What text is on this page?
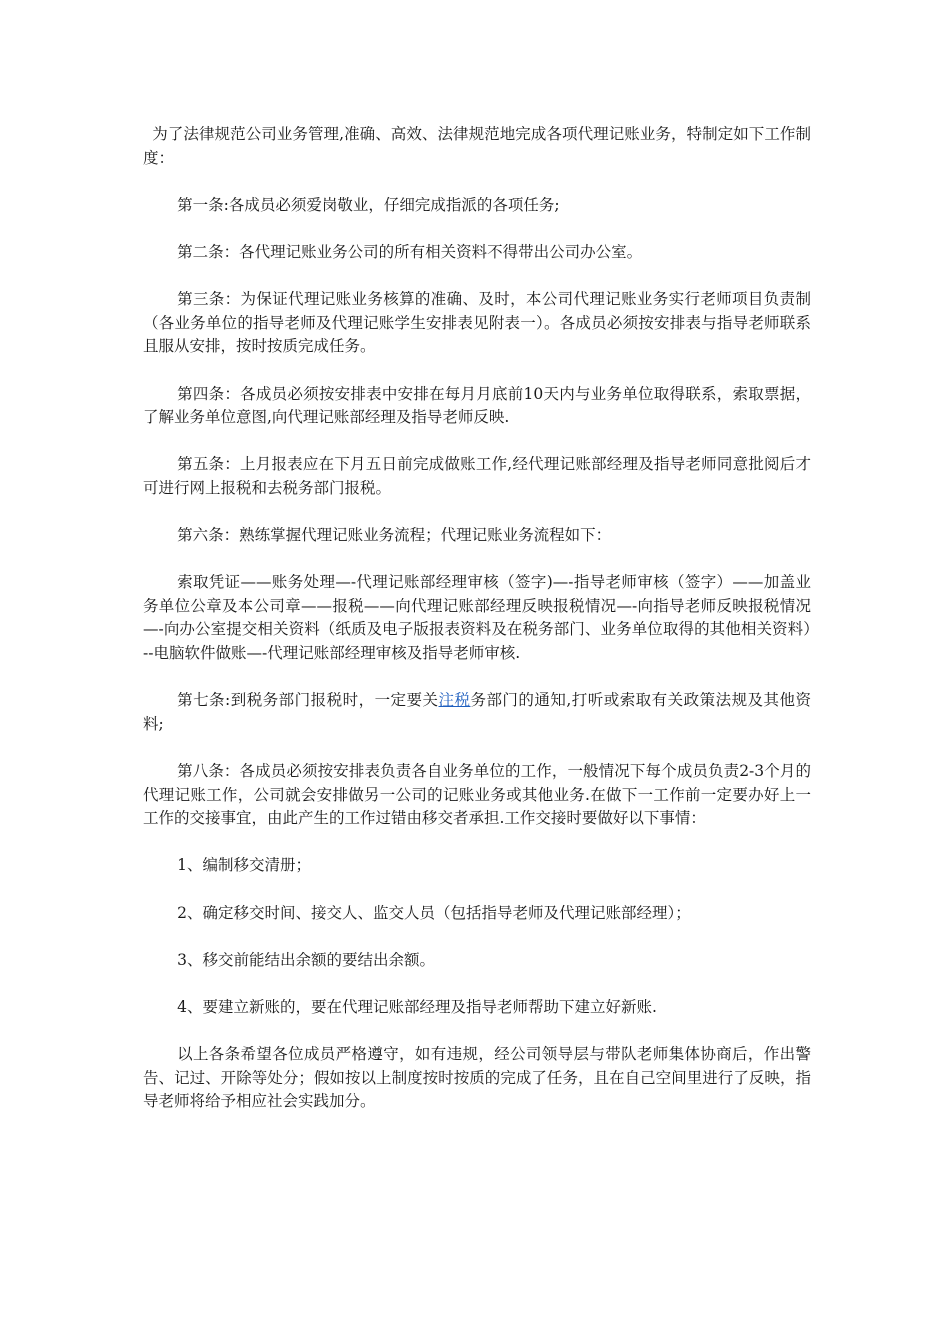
为了法律规范公司业务管理,准确、高效、法律规范地完成各项代理记账业务，特制定如下工作制度：

第一条:各成员必须爱岗敬业，仔细完成指派的各项任务;

第二条：各代理记账业务公司的所有相关资料不得带出公司办公室。

第三条：为保证代理记账业务核算的准确、及时，本公司代理记账业务实行老师项目负责制（各业务单位的指导老师及代理记账学生安排表见附表一）。各成员必须按安排表与指导老师联系且服从安排，按时按质完成任务。

第四条：各成员必须按安排表中安排在每月月底前10天内与业务单位取得联系，索取票据，了解业务单位意图,向代理记账部经理及指导老师反映.

第五条：上月报表应在下月五日前完成做账工作,经代理记账部经理及指导老师同意批阅后才可进行网上报税和去税务部门报税。

第六条：熟练掌握代理记账业务流程；代理记账业务流程如下：

索取凭证——账务处理—-代理记账部经理审核（签字)—-指导老师审核（签字）——加盖业务单位公章及本公司章——报税——向代理记账部经理反映报税情况—-向指导老师反映报税情况—-向办公室提交相关资料（纸质及电子版报表资料及在税务部门、业务单位取得的其他相关资料）--电脑软件做账—-代理记账部经理审核及指导老师审核.

第七条:到税务部门报税时，一定要关注税务部门的通知,打听或索取有关政策法规及其他资料;

第八条：各成员必须按安排表负责各自业务单位的工作，一般情况下每个成员负责2-3个月的代理记账工作，公司就会安排做另一公司的记账业务或其他业务.在做下一工作前一定要办好上一工作的交接事宜，由此产生的工作过错由移交者承担.工作交接时要做好以下事情：

1、编制移交清册；

2、确定移交时间、接交人、监交人员（包括指导老师及代理记账部经理）；

3、移交前能结出余额的要结出余额。

4、要建立新账的，要在代理记账部经理及指导老师帮助下建立好新账.

以上各条希望各位成员严格遵守，如有违规，经公司领导层与带队老师集体协商后，作出警告、记过、开除等处分；假如按以上制度按时按质的完成了任务，且在自己空间里进行了反映，指导老师将给予相应社会实践加分。
